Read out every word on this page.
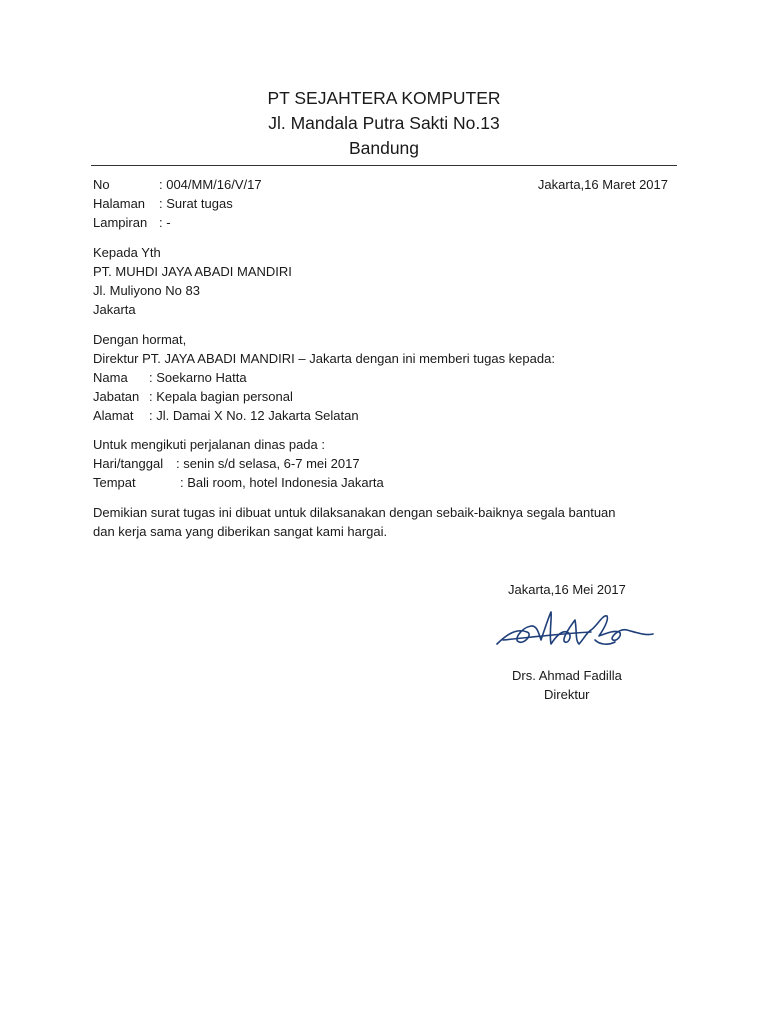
PT SEJAHTERA KOMPUTER
Jl. Mandala Putra Sakti No.13
Bandung
No	: 004/MM/16/V/17	Jakarta,16 Maret 2017
Halaman : Surat tugas
Lampiran : -
Kepada Yth
PT. MUHDI JAYA ABADI MANDIRI
Jl. Muliyono No 83
Jakarta
Dengan hormat,
Direktur PT. JAYA ABADI MANDIRI – Jakarta dengan ini memberi tugas kepada:
Nama : Soekarno Hatta
Jabatan : Kepala bagian personal
Alamat : Jl. Damai X No. 12 Jakarta Selatan
Untuk mengikuti perjalanan dinas pada :
Hari/tanggal : senin s/d selasa, 6-7 mei 2017
Tempat	: Bali room, hotel Indonesia Jakarta
Demikian surat tugas ini dibuat untuk dilaksanakan dengan sebaik-baiknya segala bantuan
dan kerja sama yang diberikan sangat kami hargai.
Jakarta,16 Mei 2017
Drs. Ahmad Fadilla
Direktur
